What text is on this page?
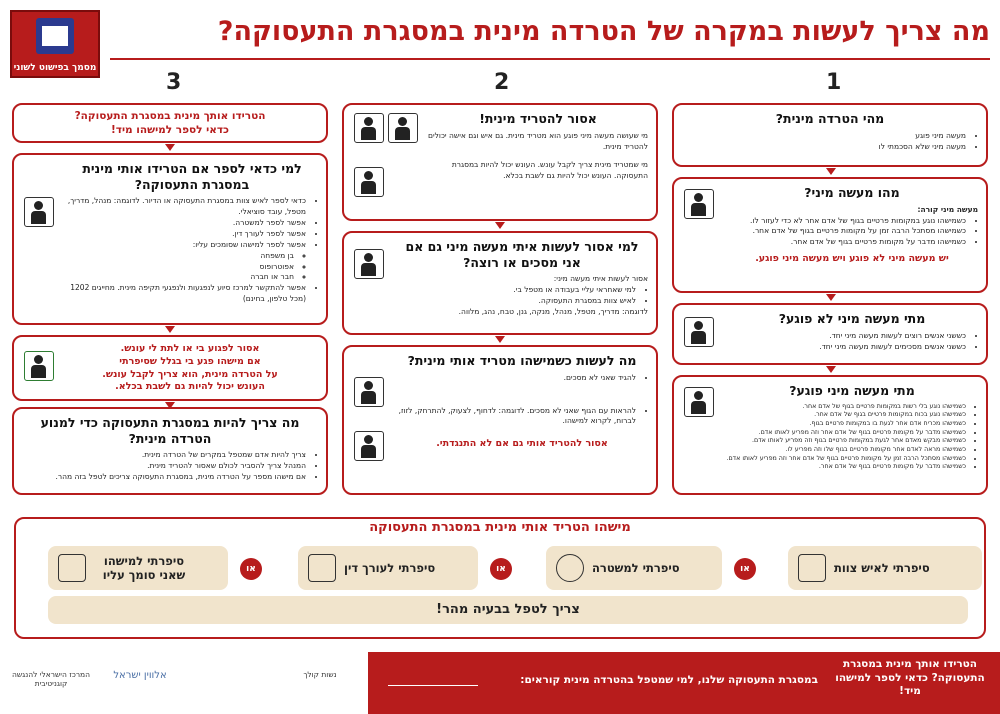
מסמך בפישוט לשוני
מה צריך לעשות במקרה של הטרדה מינית במסגרת התעסוקה?
1
2
3
מהי הטרדה מינית?
• מעשה מיני פוגע
• מעשה מיני שלא הסכמתי לו
מהו מעשה מיני?

מעשה מיני קורה:

• כשמישהו נוגע במקומות פרטיים בגוף של אדם אחר לא כדי לעזור לו.
• כשמישהו מסתכל הרבה זמן על מקומות פרטיים בגוף של אדם אחר.
• כשמישהו מדבר על מקומות פרטיים בגוף של אדם אחר.

יש מעשה מיני לא פוגע ויש מעשה מיני פוגע.

מתי מעשה מיני לא פוגע?
• כששני אנשים רוצים לעשות מעשה מיני יחד.
• כששני אנשים מסכימים לעשות מעשה מיני יחד.
מתי מעשה מיני פוגע?
• כשמישהו נוגע בלי רשות במקומות פרטיים בגוף של אדם אחר.
• כשמישהו נוגע בכוח במקומות פרטיים בגוף של אדם אחר.
• כשמישהו מכריח אדם אחר לגעת בו במקומות פרטיים בגוף.
• כשמישהו מדבר על מקומות פרטיים בגוף של אדם אחר וזה מפריע לאותו אדם.
• כשמישהו מבקש מאדם אחר לגעת במקומות פרטיים בגוף וזה מפריע לאותו אדם.
• כשמישהו מראה לאדם אחר מקומות פרטיים בגוף שלו וזה מפריע לו.
• כשמישהו מסתכל הרבה זמן על מקומות פרטיים בגוף של אדם אחר וזה מפריע לאותו אדם.
• כשמישהו מדבר על מקומות פרטיים בגוף של אדם אחר.
אסור להטריד מינית!

מי שעושה מעשה מיני פוגע הוא מטריד מינית. גם איש וגם אישה יכולים להטריד מינית.

מי שמטריד מינית צריך לקבל עונש. העונש יכול להיות במסגרת התעסוקה. העונש יכול להיות גם לשבת בכלא.

למי אסור לעשות איתי מעשה מיני גם אם אני מסכים או רוצה?

אסור לעשות איתי מעשה מיני:

• למי שאחראי עליי בעבודה או מטפל בי.
• לאיש צוות במסגרת התעסוקה.

לדוגמה: מדריך, מטפל, מנהל, מנקה, גנן, טבח, נהג, מלווה.

מה לעשות כשמישהו מטריד אותי מינית?
• להגיד שאני לא מסכים.
• להראות עם הגוף שאני לא מסכים. לדוגמה: לדחוף, לצעוק, להתרחק, לזוז, לברוח, לקרוא למישהו.

אסור להטריד אותי גם אם לא התנגדתי.

הטרידו אותך מינית במסגרת התעסוקה?
כדאי לספר למישהו מיד!
למי כדאי לספר אם הטרידו אותי מינית במסגרת התעסוקה?
• כדאי לספר לאיש צוות במסגרת התעסוקה או הדיור. לדוגמה: מנהל, מדריך, מטפל, עובד סוציאלי.
• אפשר לספר למשטרה.
• אפשר לספר לעורך דין.
• אפשר לספר למישהו שסומכים עליו:
◦ בן משפחה
◦ אפוטרופוס
◦ חבר או חברה
• אפשר להתקשר למרכז סיוע לנפגעות ולנפגעי תקיפה מינית. מחייגים 1202 (מכל טלפון, בחינם)
אסור לפגוע בי או לתת לי עונש.
אם מישהו פגע בי בגלל שסיפרתי
על הטרדה מינית, הוא צריך לקבל עונש.
העונש יכול להיות גם לשבת בכלא.
מה צריך להיות במסגרת התעסוקה כדי למנוע הטרדה מינית?
• צריך להיות אדם שמטפל במקרים של הטרדה מינית.
• המנהל צריך להסביר לכולם שאסור להטריד מינית.
• אם מישהו מספר על הטרדה מינית, במסגרת התעסוקה צריכים לטפל בזה מהר.
מישהו הטריד אותי מינית במסגרת התעסוקה
סיפרתי לאיש צוות
או
סיפרתי למשטרה
או
סיפרתי לעורך דין
או
סיפרתי למישהו שאני סומך עליו
צריך לטפל בבעיה מהר!
הטרידו אותך מינית במסגרת התעסוקה? כדאי לספר למישהו מיד!
במסגרת התעסוקה שלנו, למי שמטפל בהטרדה מינית קוראים:
נשות קולך
אלווין ישראל
המרכז הישראלי להנגשה קוגניטיבית
